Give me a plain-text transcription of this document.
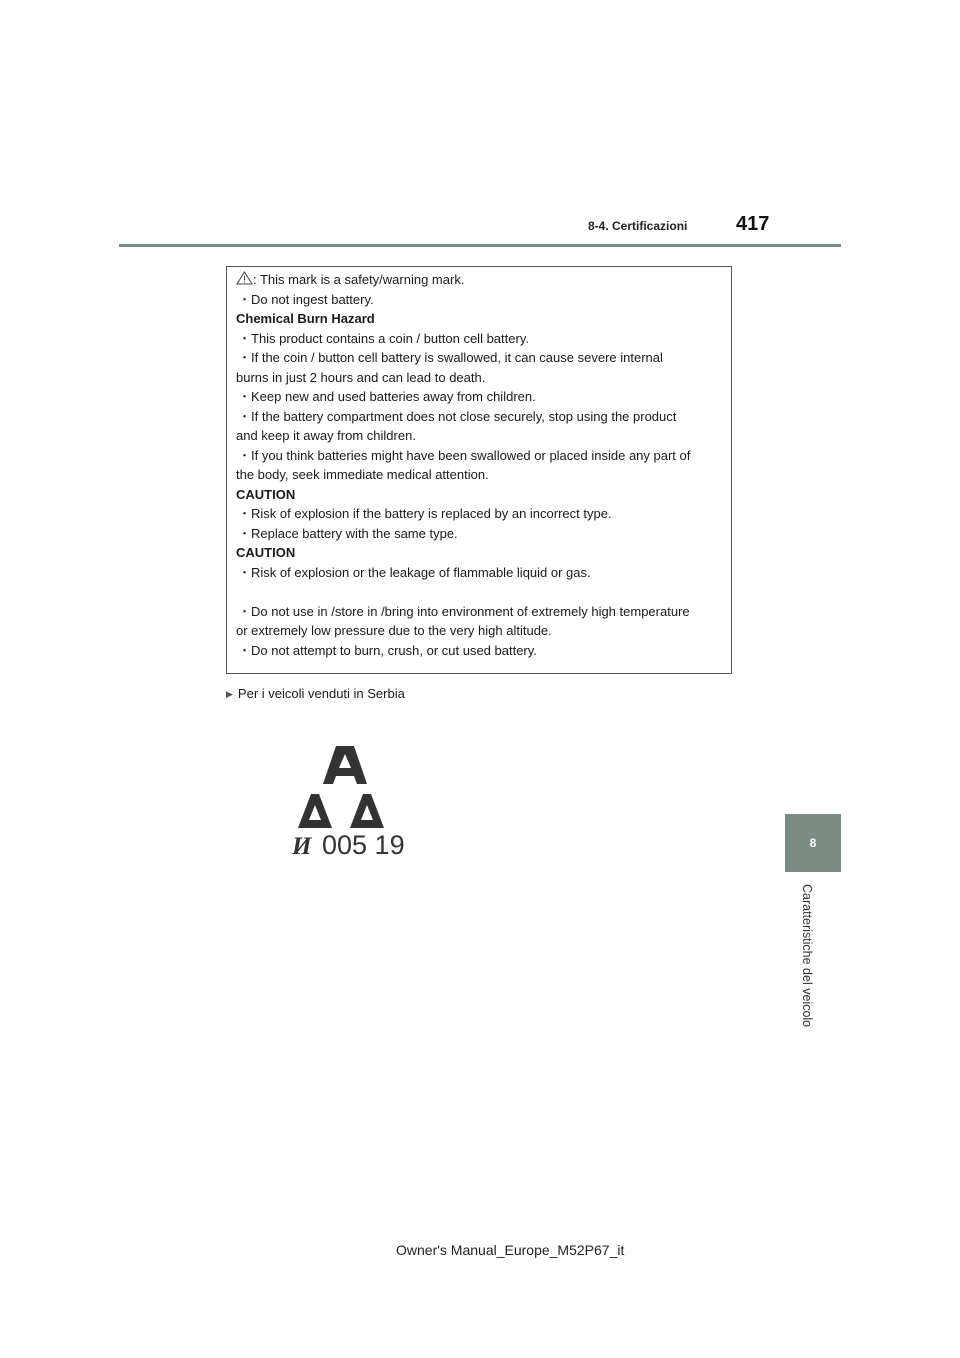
8-4. Certificazioni 417

: This mark is a safety/warning mark.

・Do not ingest battery.

Chemical Burn Hazard

・This product contains a coin / button cell battery.

・If the coin / button cell battery is swallowed, it can cause severe internal

burns in just 2 hours and can lead to death.

・Keep new and used batteries away from children.

・If the battery compartment does not close securely, stop using the product

and keep it away from children.

・If you think batteries might have been swallowed or placed inside any part of

the body, seek immediate medical attention.

CAUTION

・Risk of explosion if the battery is replaced by an incorrect type.

・Replace battery with the same type.

CAUTION

・Risk of explosion or the leakage of flammable liquid or gas.

・Do not use in /store in /bring into environment of extremely high temperature

or extremely low pressure due to the very high altitude.

・Do not attempt to burn, crush, or cut used battery.

▶ Per i veicoli venduti in Serbia
И 005 19	8
Caratteristiche del veicolo
Owner's Manual_Europe_M52P67_it
